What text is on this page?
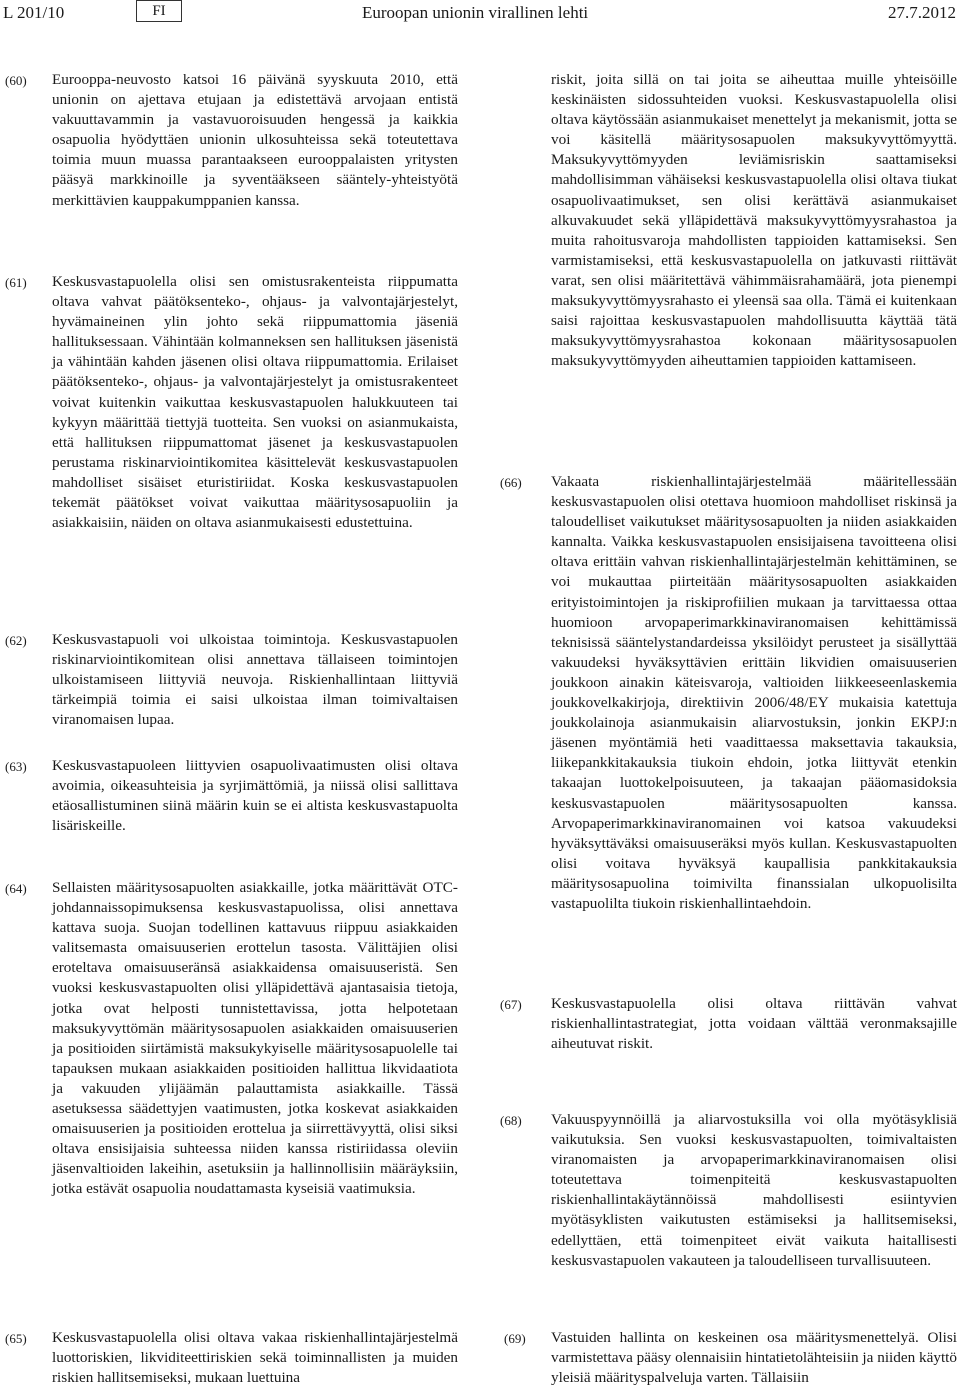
L 201/10	FI	Euroopan unionin virallinen lehti	27.7.2012
(60) Eurooppa-neuvosto katsoi 16 päivänä syyskuuta 2010, että unionin on ajettava etujaan ja edistettävä arvojaan entistä vakuuttavammin ja vastavuoroisuuden hengessä ja kaikkia osapuolia hyödyttäen unionin ulkosuhteissa sekä toteutettava toimia muun muassa parantaakseen eurooppalaisten yritysten pääsyä markkinoille ja syventääkseen sääntely-yhteistyötä merkittävien kauppakumppanien kanssa.
(61) Keskusvastapuolella olisi sen omistusrakenteista riippumatta oltava vahvat päätöksenteko-, ohjaus- ja valvontajärjestelyt, hyvämaineinen ylin johto sekä riippumattomia jäseniä hallituksessaan. Vähintään kolmanneksen sen hallituksen jäsenistä ja vähintään kahden jäsenen olisi oltava riippumattomia. Erilaiset päätöksenteko-, ohjaus- ja valvontajärjestelyt ja omistusrakenteet voivat kuitenkin vaikuttaa keskusvastapuolen halukkuuteen tai kykyyn määrittää tiettyjä tuotteita. Sen vuoksi on asianmukaista, että hallituksen riippumattomat jäsenet ja keskusvastapuolen perustama riskinarviointikomitea käsittelevät keskusvastapuolen mahdolliset sisäiset eturistiriidat. Koska keskusvastapuolen tekemät päätökset voivat vaikuttaa määritysosapuoliin ja asiakkaisiin, näiden on oltava asianmukaisesti edustettuina.
(62) Keskusvastapuoli voi ulkoistaa toimintoja. Keskusvastapuolen riskinarviointikomitean olisi annettava tällaiseen toimintojen ulkoistamiseen liittyviä neuvoja. Riskienhallintaan liittyviä tärkeimpiä toimia ei saisi ulkoistaa ilman toimivaltaisen viranomaisen lupaa.
(63) Keskusvastapuoleen liittyvien osapuolivaatimusten olisi oltava avoimia, oikeasuhteisia ja syrjimättömiä, ja niissä olisi sallittava etäosallistuminen siinä määrin kuin se ei altista keskusvastapuolta lisäriskeille.
(64) Sellaisten määritysosapuolten asiakkaille, jotka määrittävät OTC-johdannaissopimuksensa keskusvastapuolissa, olisi annettava kattava suoja. Suojan todellinen kattavuus riippuu asiakkaiden valitsemasta omaisuuserien erottelun tasosta. Välittäjien olisi eroteltava omaisuuseränsä asiakkaidensa omaisuuseristä. Sen vuoksi keskusvastapuolten olisi ylläpidettävä ajantasaisia tietoja, jotka ovat helposti tunnistettavissa, jotta helpotetaan maksukyvyttömän määritysosapuolen asiakkaiden omaisuuserien ja positioiden siirtämistä maksukykyiselle määritysosapuolelle tai tapauksen mukaan asiakkaiden positioiden hallittua likvidaatiota ja vakuuden ylijäämän palauttamista asiakkaille. Tässä asetuksessa säädettyjen vaatimusten, jotka koskevat asiakkaiden omaisuuserien ja positioiden erottelua ja siirrettävyyttä, olisi siksi oltava ensisijaisia suhteessa niiden kanssa ristiriidassa oleviin jäsenvaltioiden lakeihin, asetuksiin ja hallinnollisiin määräyksiin, jotka estävät osapuolia noudattamasta kyseisiä vaatimuksia.
riskit, joita sillä on tai joita se aiheuttaa muille yhteisöille keskinäisten sidossuhteiden vuoksi. Keskusvastapuolella olisi oltava käytössään asianmukaiset menettelyt ja mekanismit, jotta se voi käsitellä määritysosapuolen maksukyvyttömyyttä. Maksukyvyttömyyden leviämisriskin saattamiseksi mahdollisimman vähäiseksi keskusvastapuolella olisi oltava tiukat osapuolivaatimukset, sen olisi kerättävä asianmukaiset alkuvakuudet sekä ylläpidettävä maksukyvyttömyysrahastoa ja muita rahoitusvaroja mahdollisten tappioiden kattamiseksi. Sen varmistamiseksi, että keskusvastapuolella on jatkuvasti riittävät varat, sen olisi määritettävä vähimmäisrahamäärä, jota pienempi maksukyvyttömyysrahasto ei yleensä saa olla. Tämä ei kuitenkaan saisi rajoittaa keskusvastapuolen mahdollisuutta käyttää tätä maksukyvyttömyysrahastoa kokonaan määritysosapuolen maksukyvyttömyyden aiheuttamien tappioiden kattamiseen.
(66) Vakaata riskienhallintajärjestelmää määritellessään keskusvastapuolen olisi otettava huomioon mahdolliset riskinsä ja taloudelliset vaikutukset määritysosapuolten ja niiden asiakkaiden kannalta. Vaikka keskusvastapuolen ensisijaisena tavoitteena olisi oltava erittäin vahvan riskienhallintajärjestelmän kehittäminen, se voi mukauttaa piirteitään määritysosapuolten asiakkaiden erityistoimintojen ja riskiprofiilien mukaan ja tarvittaessa ottaa huomioon arvopaperimarkkinaviranomaisen kehittämissä teknisissä sääntelystandardeissa yksilöidyt perusteet ja sisällyttää vakuudeksi hyväksyttävien erittäin likvidien omaisuuserien joukkoon ainakin käteisvaroja, valtioiden liikkeeseenlaskemia joukkovelkakirjoja, direktiivin 2006/48/EY mukaisia katettuja joukkolainoja asianmukaisin aliarvostuksin, jonkin EKPJ:n jäsenen myöntämiä heti vaadittaessa maksettavia takauksia, liikepankkitakauksia tiukoin ehdoin, jotka liittyvät etenkin takaajan luottokelpoisuuteen, ja takaajan pääomasidoksia keskusvastapuolen määritysosapuolten kanssa. Arvopaperimarkkinaviranomainen voi katsoa vakuudeksi hyväksyttäväksi omaisuuseräksi myös kullan. Keskusvastapuolten olisi voitava hyväksyä kaupallisia pankkitakauksia määritysosapuolina toimivilta finanssialan ulkopuolisilta vastapuolilta tiukoin riskienhallintaehdoin.
(67) Keskusvastapuolella olisi oltava riittävän vahvat riskienhallintastrategiat, jotta voidaan välttää veronmaksajille aiheutuvat riskit.
(68) Vakuuspyynnöillä ja aliarvostuksilla voi olla myötäsyklisiä vaikutuksia. Sen vuoksi keskusvastapuolten, toimivaltaisten viranomaisten ja arvopaperimarkkinaviranomaisen olisi toteutettava toimenpiteitä keskusvastapuolten riskienhallintakäytännöissä mahdollisesti esiintyvien myötäsyklisten vaikutusten estämiseksi ja hallitsemiseksi, edellyttäen, että toimenpiteet eivät vaikuta haitallisesti keskusvastapuolen vakauteen ja taloudelliseen turvallisuuteen.
(65) Keskusvastapuolella olisi oltava vakaa riskienhallintajärjestelmä luottoriskien, likviditeettiriskien sekä toiminnallisten ja muiden riskien hallitsemiseksi, mukaan luettuina
(69) Vastuiden hallinta on keskeinen osa määritysmenettelyä. Olisi varmistettava pääsy olennaisiin hintatietolähteisiin ja niiden käyttö yleisiä määrityspalveluja varten. Tällaisiin
